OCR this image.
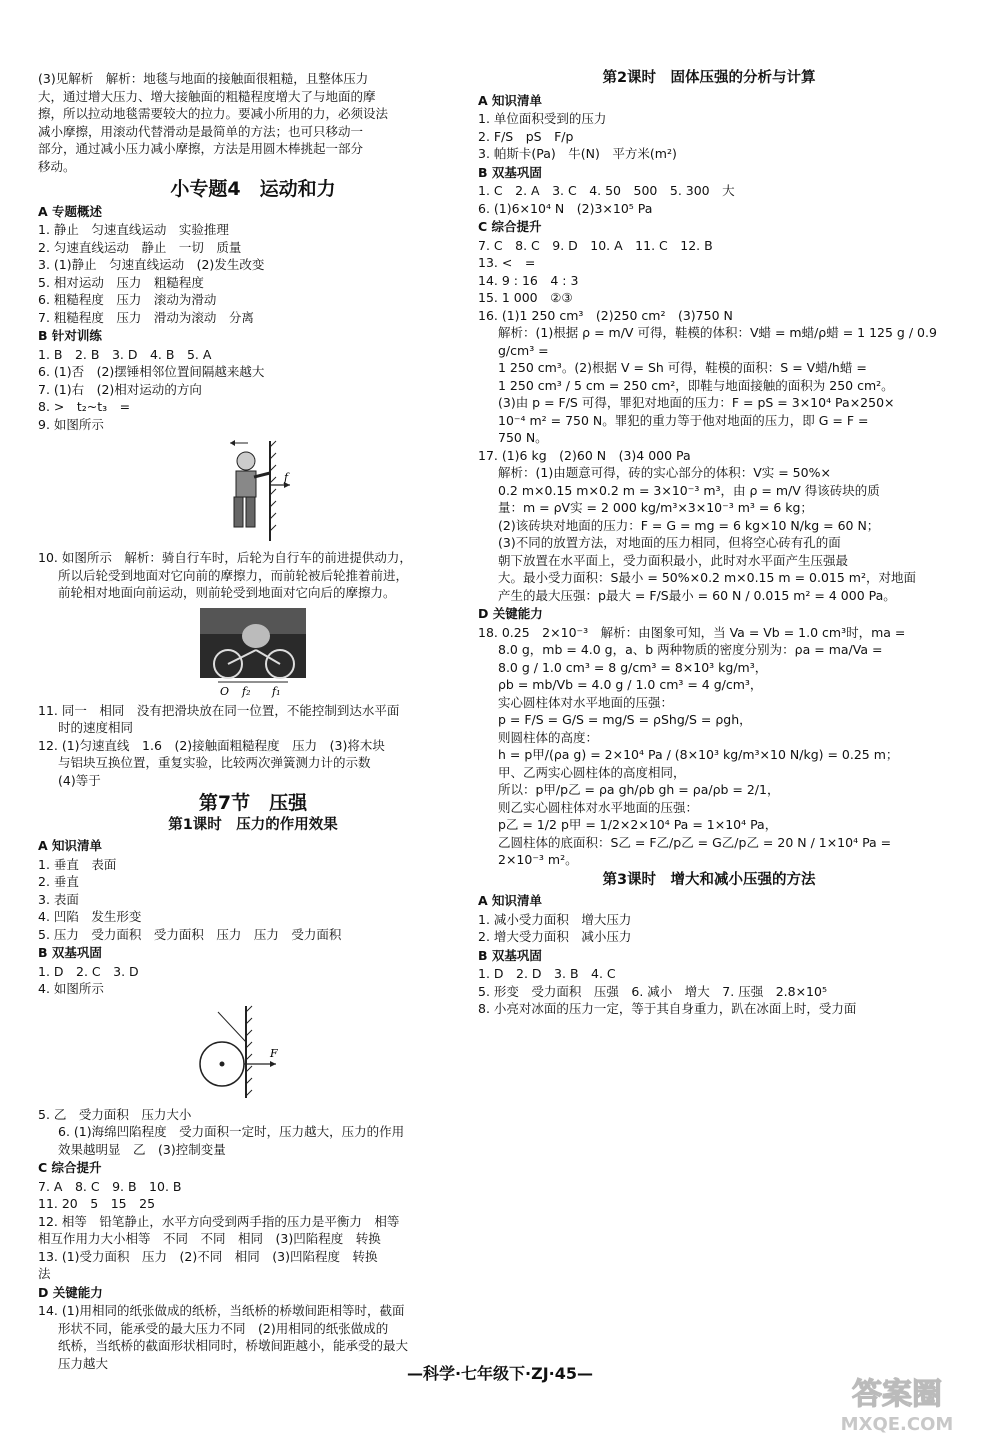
(3)见解析　解析：地毯与地面的接触面很粗糙，且整体压力
大，通过增大压力、增大接触面的粗糙程度增大了与地面的摩
擦，所以拉动地毯需要较大的拉力。要减小所用的力，必须设法
减小摩擦，用滚动代替滑动是最简单的方法；也可只移动一
部分，通过减小压力减小摩擦，方法是用圆木棒挑起一部分
移动。
小专题4　运动和力
A 专题概述
1. 静止　匀速直线运动　实验推理
2. 匀速直线运动　静止　一切　质量
3. (1)静止　匀速直线运动　(2)发生改变
5. 相对运动　压力　粗糙程度
6. 粗糙程度　压力　滚动为滑动
7. 粗糙程度　压力　滑动为滚动　分离
B 针对训练
1. B　2. B　3. D　4. B　5. A
6. (1)否　(2)摆锤相邻位置间隔越来越大
7. (1)右　(2)相对运动的方向
8. >　t₂~t₃　=
9. 如图所示
f
10. 如图所示　解析：骑自行车时，后轮为自行车的前进提供动力，
所以后轮受到地面对它向前的摩擦力，而前轮被后轮推着前进，
前轮相对地面向前运动，则前轮受到地面对它向后的摩擦力。
O f₂ f₁
11. 同一　相同　没有把滑块放在同一位置，不能控制到达水平面
时的速度相同
12. (1)匀速直线　1.6　(2)接触面粗糙程度　压力　(3)将木块
与铝块互换位置，重复实验，比较两次弹簧测力计的示数
(4)等于
第7节　压强
第1课时　压力的作用效果
A 知识清单
1. 垂直　表面
2. 垂直
3. 表面
4. 凹陷　发生形变
5. 压力　受力面积　受力面积　压力　压力　受力面积
B 双基巩固
1. D　2. C　3. D
4. 如图所示
F
5. 乙　受力面积　压力大小
6. (1)海绵凹陷程度　受力面积一定时，压力越大，压力的作用
效果越明显　乙　(3)控制变量
C 综合提升
7. A　8. C　9. B　10. B
11. 20　5　15　25
12. 相等　铅笔静止，水平方向受到两手指的压力是平衡力　相等
相互作用力大小相等　不同　不同　相同　(3)凹陷程度　转换
13. (1)受力面积　压力　(2)不同　相同　(3)凹陷程度　转换
法
D 关键能力
14. (1)用相同的纸张做成的纸桥，当纸桥的桥墩间距相等时，截面
形状不同，能承受的最大压力不同　(2)用相同的纸张做成的
纸桥，当纸桥的截面形状相同时，桥墩间距越小，能承受的最大
压力越大
第2课时　固体压强的分析与计算
A 知识清单
1. 单位面积受到的压力
2. F/S　pS　F/p
3. 帕斯卡(Pa)　牛(N)　平方米(m²)
B 双基巩固
1. C　2. A　3. C　4. 50　500　5. 300　大
6. (1)6×10⁴ N　(2)3×10⁵ Pa
C 综合提升
7. C　8. C　9. D　10. A　11. C　12. B
13. <　=
14. 9 : 16　4 : 3
15. 1 000　②③
16. (1)1 250 cm³　(2)250 cm²　(3)750 N
解析：(1)根据 ρ = m/V 可得，鞋模的体积：V蜡 = m蜡/ρ蜡 = 1 125 g / 0.9 g/cm³ =
1 250 cm³。(2)根据 V = Sh 可得，鞋模的面积：S = V蜡/h蜡 =
1 250 cm³ / 5 cm = 250 cm²，即鞋与地面接触的面积为 250 cm²。
(3)由 p = F/S 可得，罪犯对地面的压力：F = pS = 3×10⁴ Pa×250×
10⁻⁴ m² = 750 N。罪犯的重力等于他对地面的压力，即 G = F =
750 N。
17. (1)6 kg　(2)60 N　(3)4 000 Pa
解析：(1)由题意可得，砖的实心部分的体积：V实 = 50%×
0.2 m×0.15 m×0.2 m = 3×10⁻³ m³，由 ρ = m/V 得该砖块的质
量：m = ρV实 = 2 000 kg/m³×3×10⁻³ m³ = 6 kg；
(2)该砖块对地面的压力：F = G = mg = 6 kg×10 N/kg = 60 N；
(3)不同的放置方法，对地面的压力相同，但将空心砖有孔的面
朝下放置在水平面上，受力面积最小，此时对水平面产生压强最
大。最小受力面积：S最小 = 50%×0.2 m×0.15 m = 0.015 m²，对地面
产生的最大压强：p最大 = F/S最小 = 60 N / 0.015 m² = 4 000 Pa。
D 关键能力
18. 0.25　2×10⁻³　解析：由图象可知，当 Va = Vb = 1.0 cm³时，ma =
8.0 g，mb = 4.0 g，a、b 两种物质的密度分别为：ρa = ma/Va =
8.0 g / 1.0 cm³ = 8 g/cm³ = 8×10³ kg/m³，
ρb = mb/Vb = 4.0 g / 1.0 cm³ = 4 g/cm³，
实心圆柱体对水平地面的压强：
p = F/S = G/S = mg/S = ρShg/S = ρgh，
则圆柱体的高度：
h = p甲/(ρa g) = 2×10⁴ Pa / (8×10³ kg/m³×10 N/kg) = 0.25 m；
甲、乙两实心圆柱体的高度相同，
所以：p甲/p乙 = ρa gh/ρb gh = ρa/ρb = 2/1，
则乙实心圆柱体对水平地面的压强：
p乙 = 1/2 p甲 = 1/2×2×10⁴ Pa = 1×10⁴ Pa，
乙圆柱体的底面积：S乙 = F乙/p乙 = G乙/p乙 = 20 N / 1×10⁴ Pa = 2×10⁻³ m²。
第3课时　增大和减小压强的方法
A 知识清单
1. 减小受力面积　增大压力
2. 增大受力面积　减小压力
B 双基巩固
1. D　2. D　3. B　4. C
5. 形变　受力面积　压强　6. 减小　增大　7. 压强　2.8×10⁵
8. 小亮对冰面的压力一定，等于其自身重力，趴在冰面上时，受力面
—科学·七年级下·ZJ·45—
答案圈
MXQE.COM
